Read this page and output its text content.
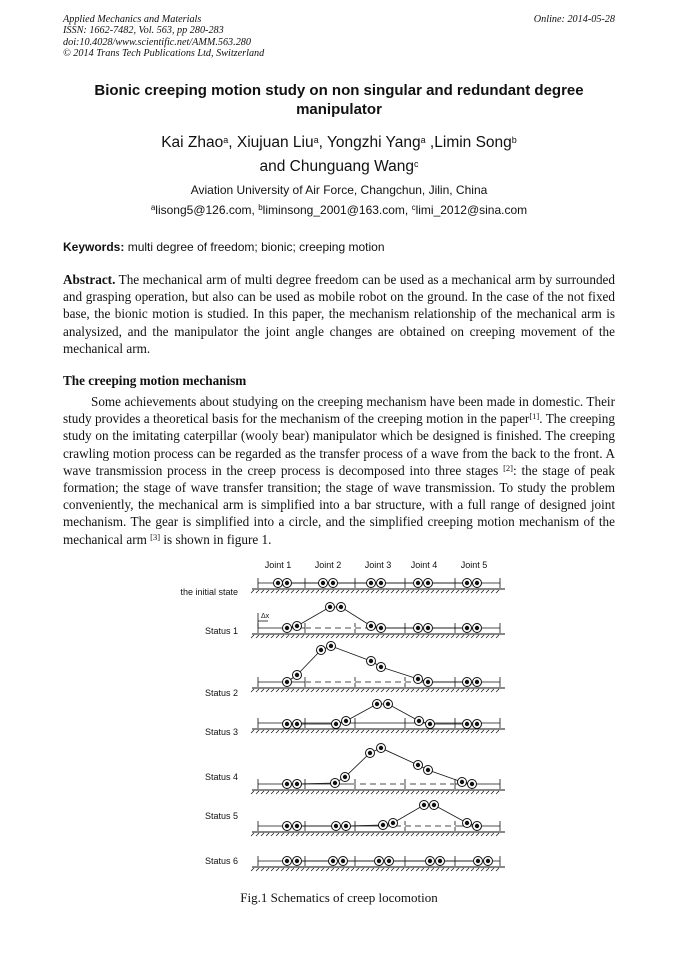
Applied Mechanics and Materials
ISSN: 1662-7482, Vol. 563, pp 280-283
doi:10.4028/www.scientific.net/AMM.563.280
© 2014 Trans Tech Publications Ltd, Switzerland
Online: 2014-05-28
Bionic creeping motion study on non singular and redundant degree manipulator
Kai Zhao$^a$, Xiujuan Liu$^a$, Yongzhi Yang$^a$ ,Limin Song$^b$
and Chunguang Wang$^c$
Aviation University of Air Force, Changchun, Jilin, China
$^a$lisong5@126.com, $^b$liminsong_2001@163.com, $^c$limi_2012@sina.com
Keywords: multi degree of freedom; bionic; creeping motion
Abstract. The mechanical arm of multi degree freedom can be used as a mechanical arm by surrounded and grasping operation, but also can be used as mobile robot on the ground. In the case of the not fixed base, the bionic motion is studied. In this paper, the mechanism relationship of the mechanical arm is analysized, and the manipulator the joint angle changes are obtained on creeping movement of the mechanical arm.
The creeping motion mechanism
Some achievements about studying on the creeping mechanism have been made in domestic. Their study provides a theoretical basis for the mechanism of the creeping motion in the paper[1]. The creeping study on the imitating caterpillar (wooly bear) manipulator which be designed is finished. The creeping crawling motion process can be regarded as the transfer process of a wave from the back to the front. A wave transmission process in the creep process is decomposed into three stages [2]: the stage of peak formation; the stage of wave transfer transition; the stage of wave transmission. To study the problem conveniently, the mechanical arm is simplified into a bar structure, with a full range of designed joint mechanism. The gear is simplified into a circle, and the simplified creeping motion mechanism of the mechanical arm [3] is shown in figure 1.
Joint 1	Joint 2	Joint 3 Joint 4	Joint 5
the initial state
Status 1
Status 2
Status 3
Status 4
Status 5
Status 6
Δx
Fig.1 Schematics of creep locomotion
